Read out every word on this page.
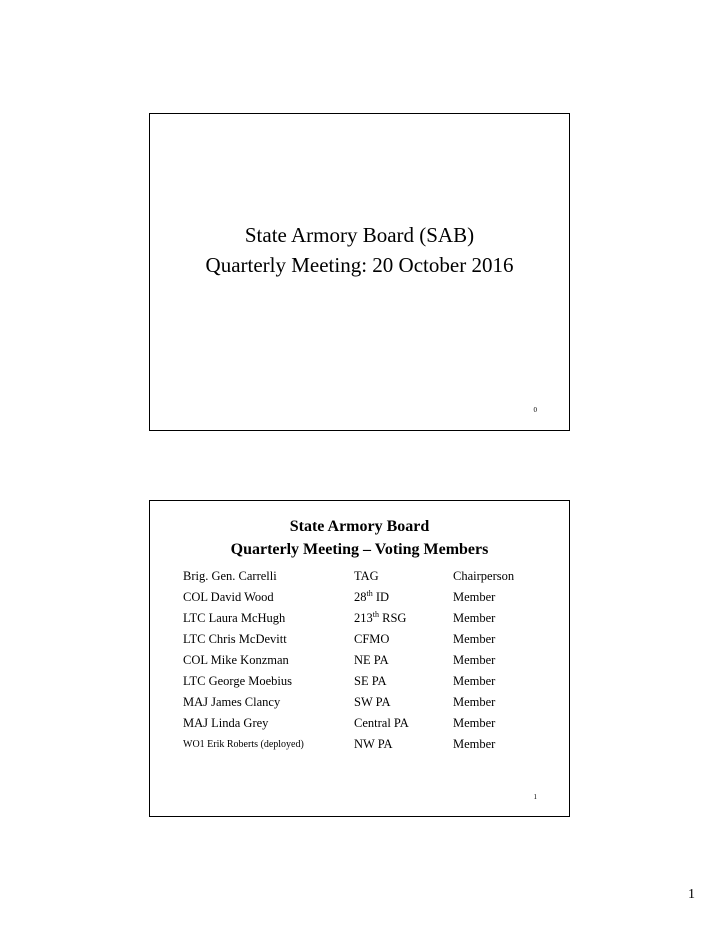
State Armory Board (SAB)
Quarterly Meeting: 20 October 2016
0
State Armory Board
Quarterly Meeting – Voting Members
Brig. Gen. Carrelli	TAG	Chairperson
COL David Wood	28th ID	Member
LTC Laura McHugh	213th RSG	Member
LTC Chris McDevitt	CFMO	Member
COL Mike Konzman	NE PA	Member
LTC George Moebius	SE PA	Member
MAJ James Clancy	SW PA	Member
MAJ Linda Grey	Central PA	Member
WO1 Erik Roberts (deployed)	NW PA	Member
1
1
